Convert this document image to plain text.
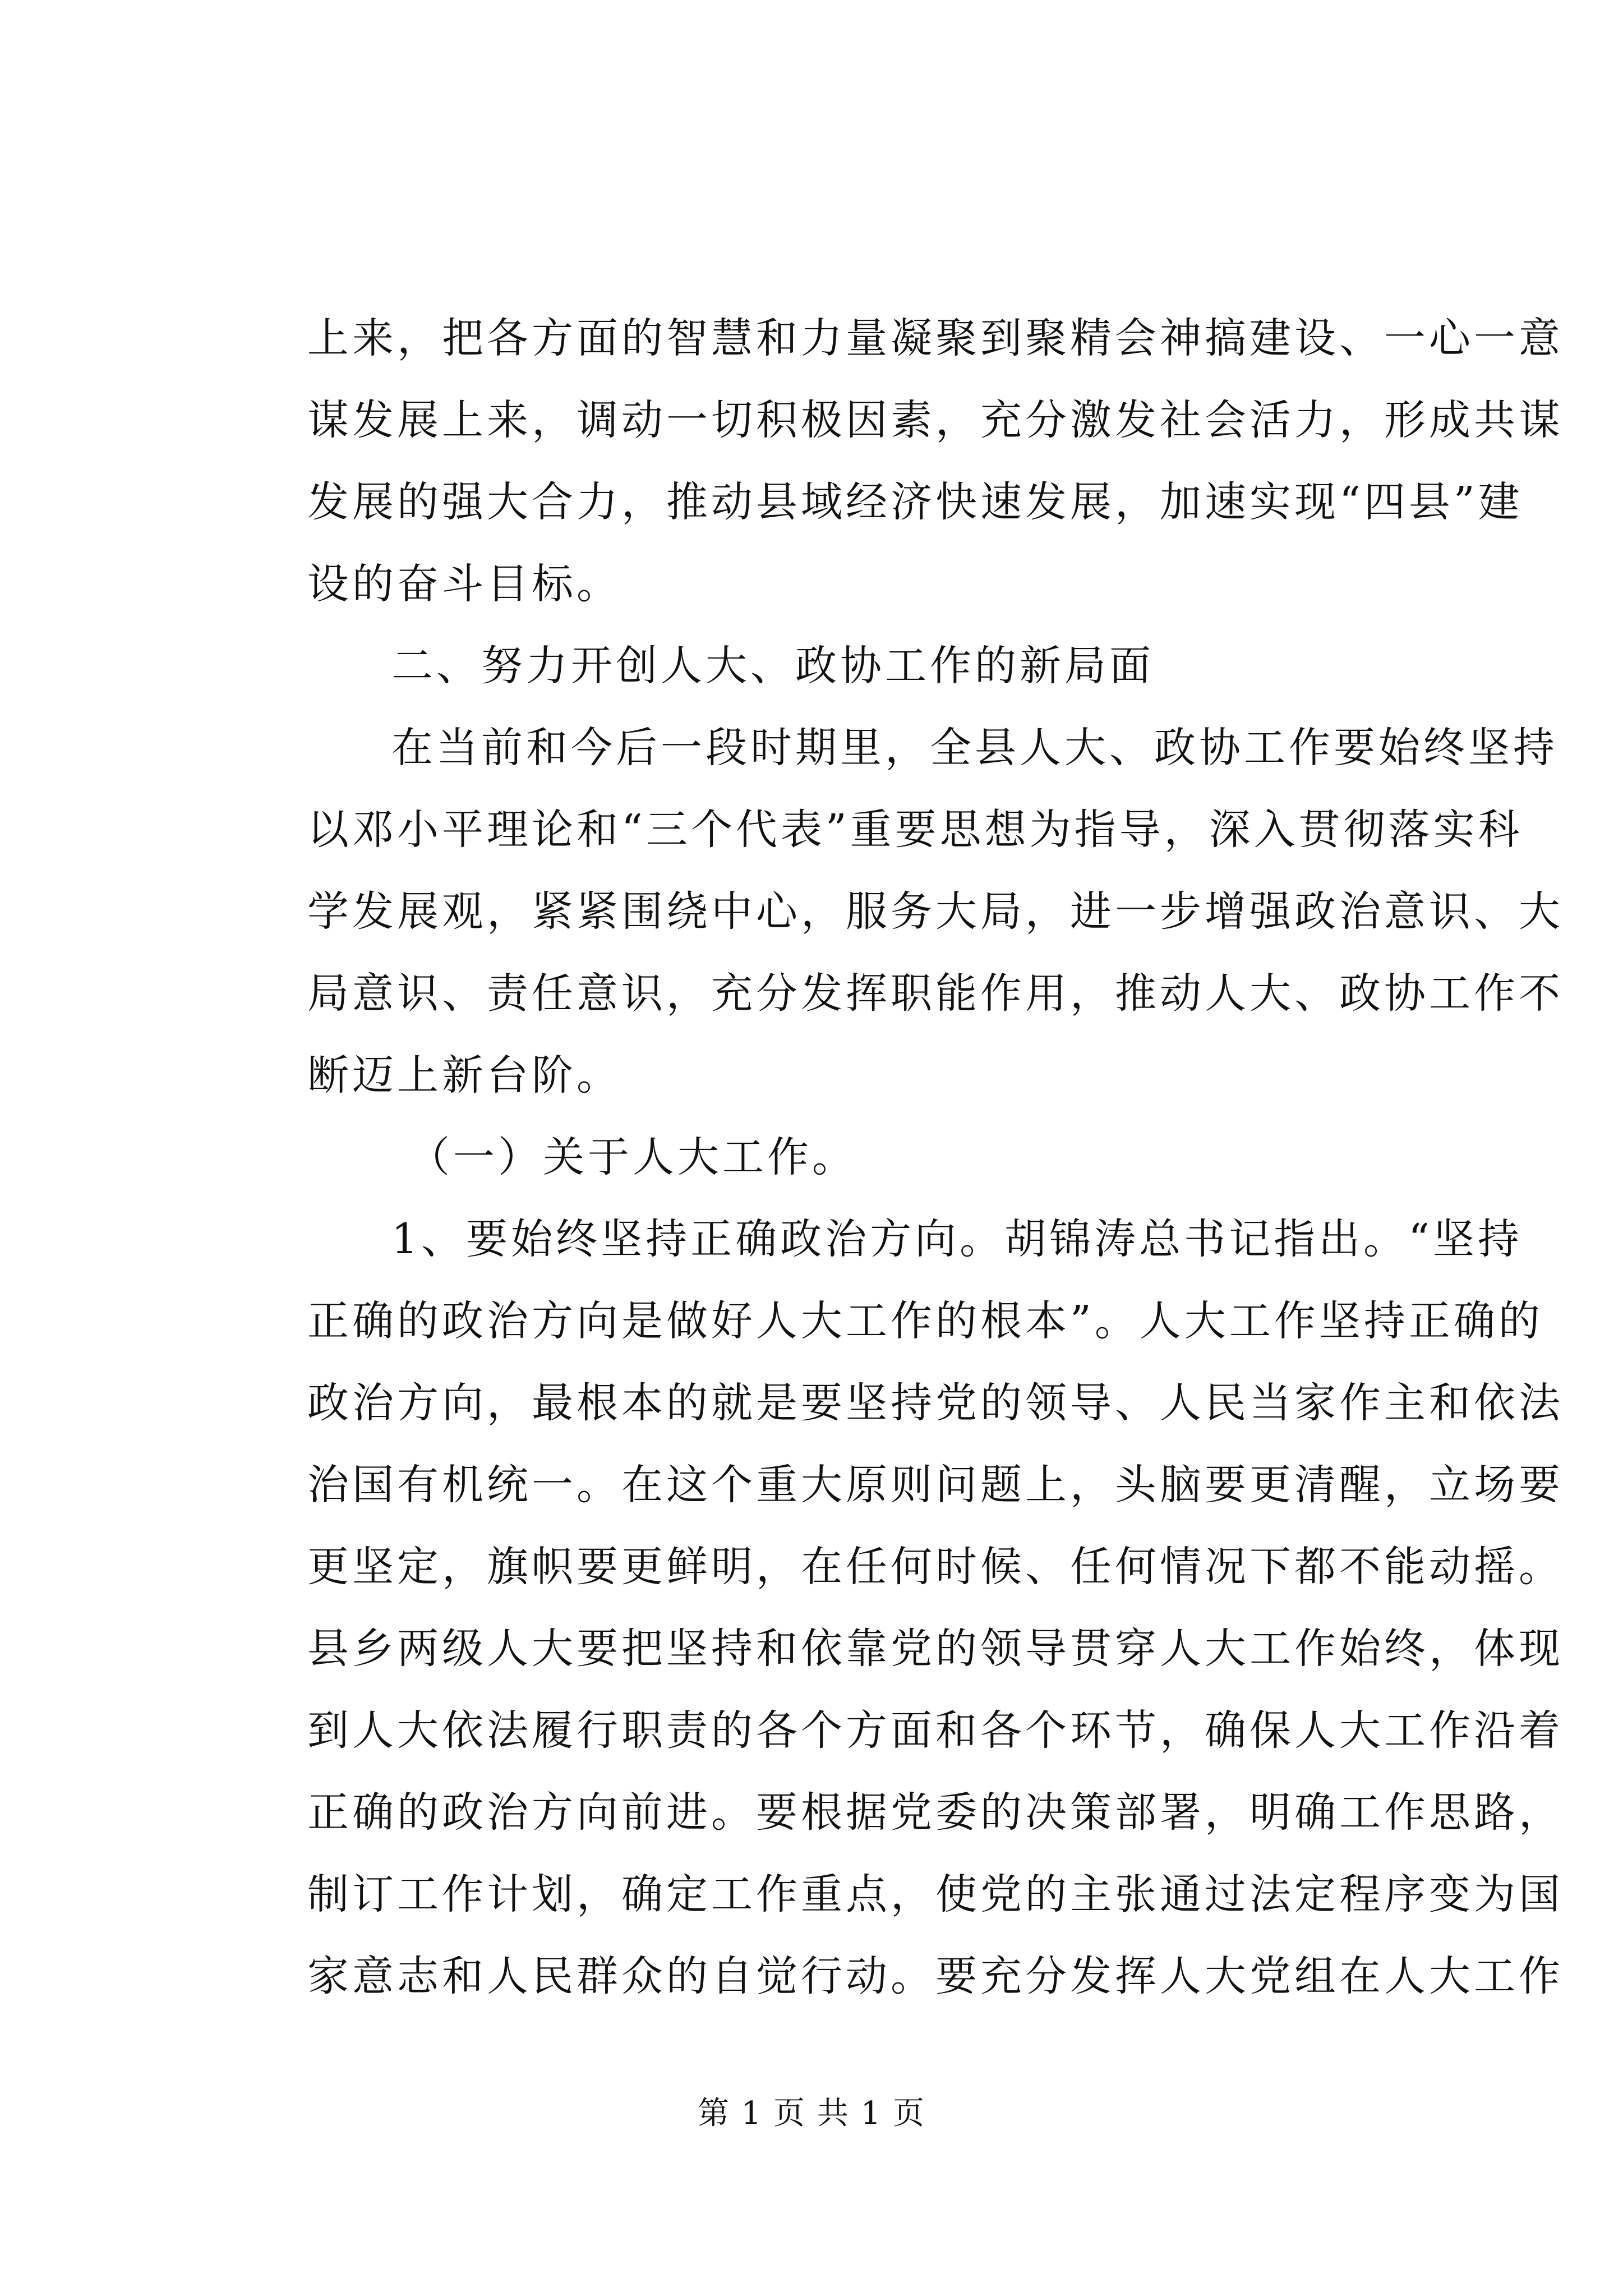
上来，把各方面的智慧和力量凝聚到聚精会神搞建设、一心一意
谋发展上来，调动一切积极因素，充分激发社会活力，形成共谋
发展的强大合力，推动县域经济快速发展，加速实现“四县”建
设的奋斗目标。
二、努力开创人大、政协工作的新局面
在当前和今后一段时期里，全县人大、政协工作要始终坚持
以邓小平理论和“三个代表”重要思想为指导，深入贯彻落实科
学发展观，紧紧围绕中心，服务大局，进一步增强政治意识、大
局意识、责任意识，充分发挥职能作用，推动人大、政协工作不
断迈上新台阶。
（一）关于人大工作。
1、要始终坚持正确政治方向。胡锦涛总书记指出。“坚持
正确的政治方向是做好人大工作的根本”。人大工作坚持正确的
政治方向，最根本的就是要坚持党的领导、人民当家作主和依法
治国有机统一。在这个重大原则问题上，头脑要更清醒，立场要
更坚定，旗帜要更鲜明，在任何时候、任何情况下都不能动摇。
县乡两级人大要把坚持和依靠党的领导贯穿人大工作始终，体现
到人大依法履行职责的各个方面和各个环节，确保人大工作沿着
正确的政治方向前进。要根据党委的决策部署，明确工作思路，
制订工作计划，确定工作重点，使党的主张通过法定程序变为国
家意志和人民群众的自觉行动。要充分发挥人大党组在人大工作
第 1 页 共 1 页
